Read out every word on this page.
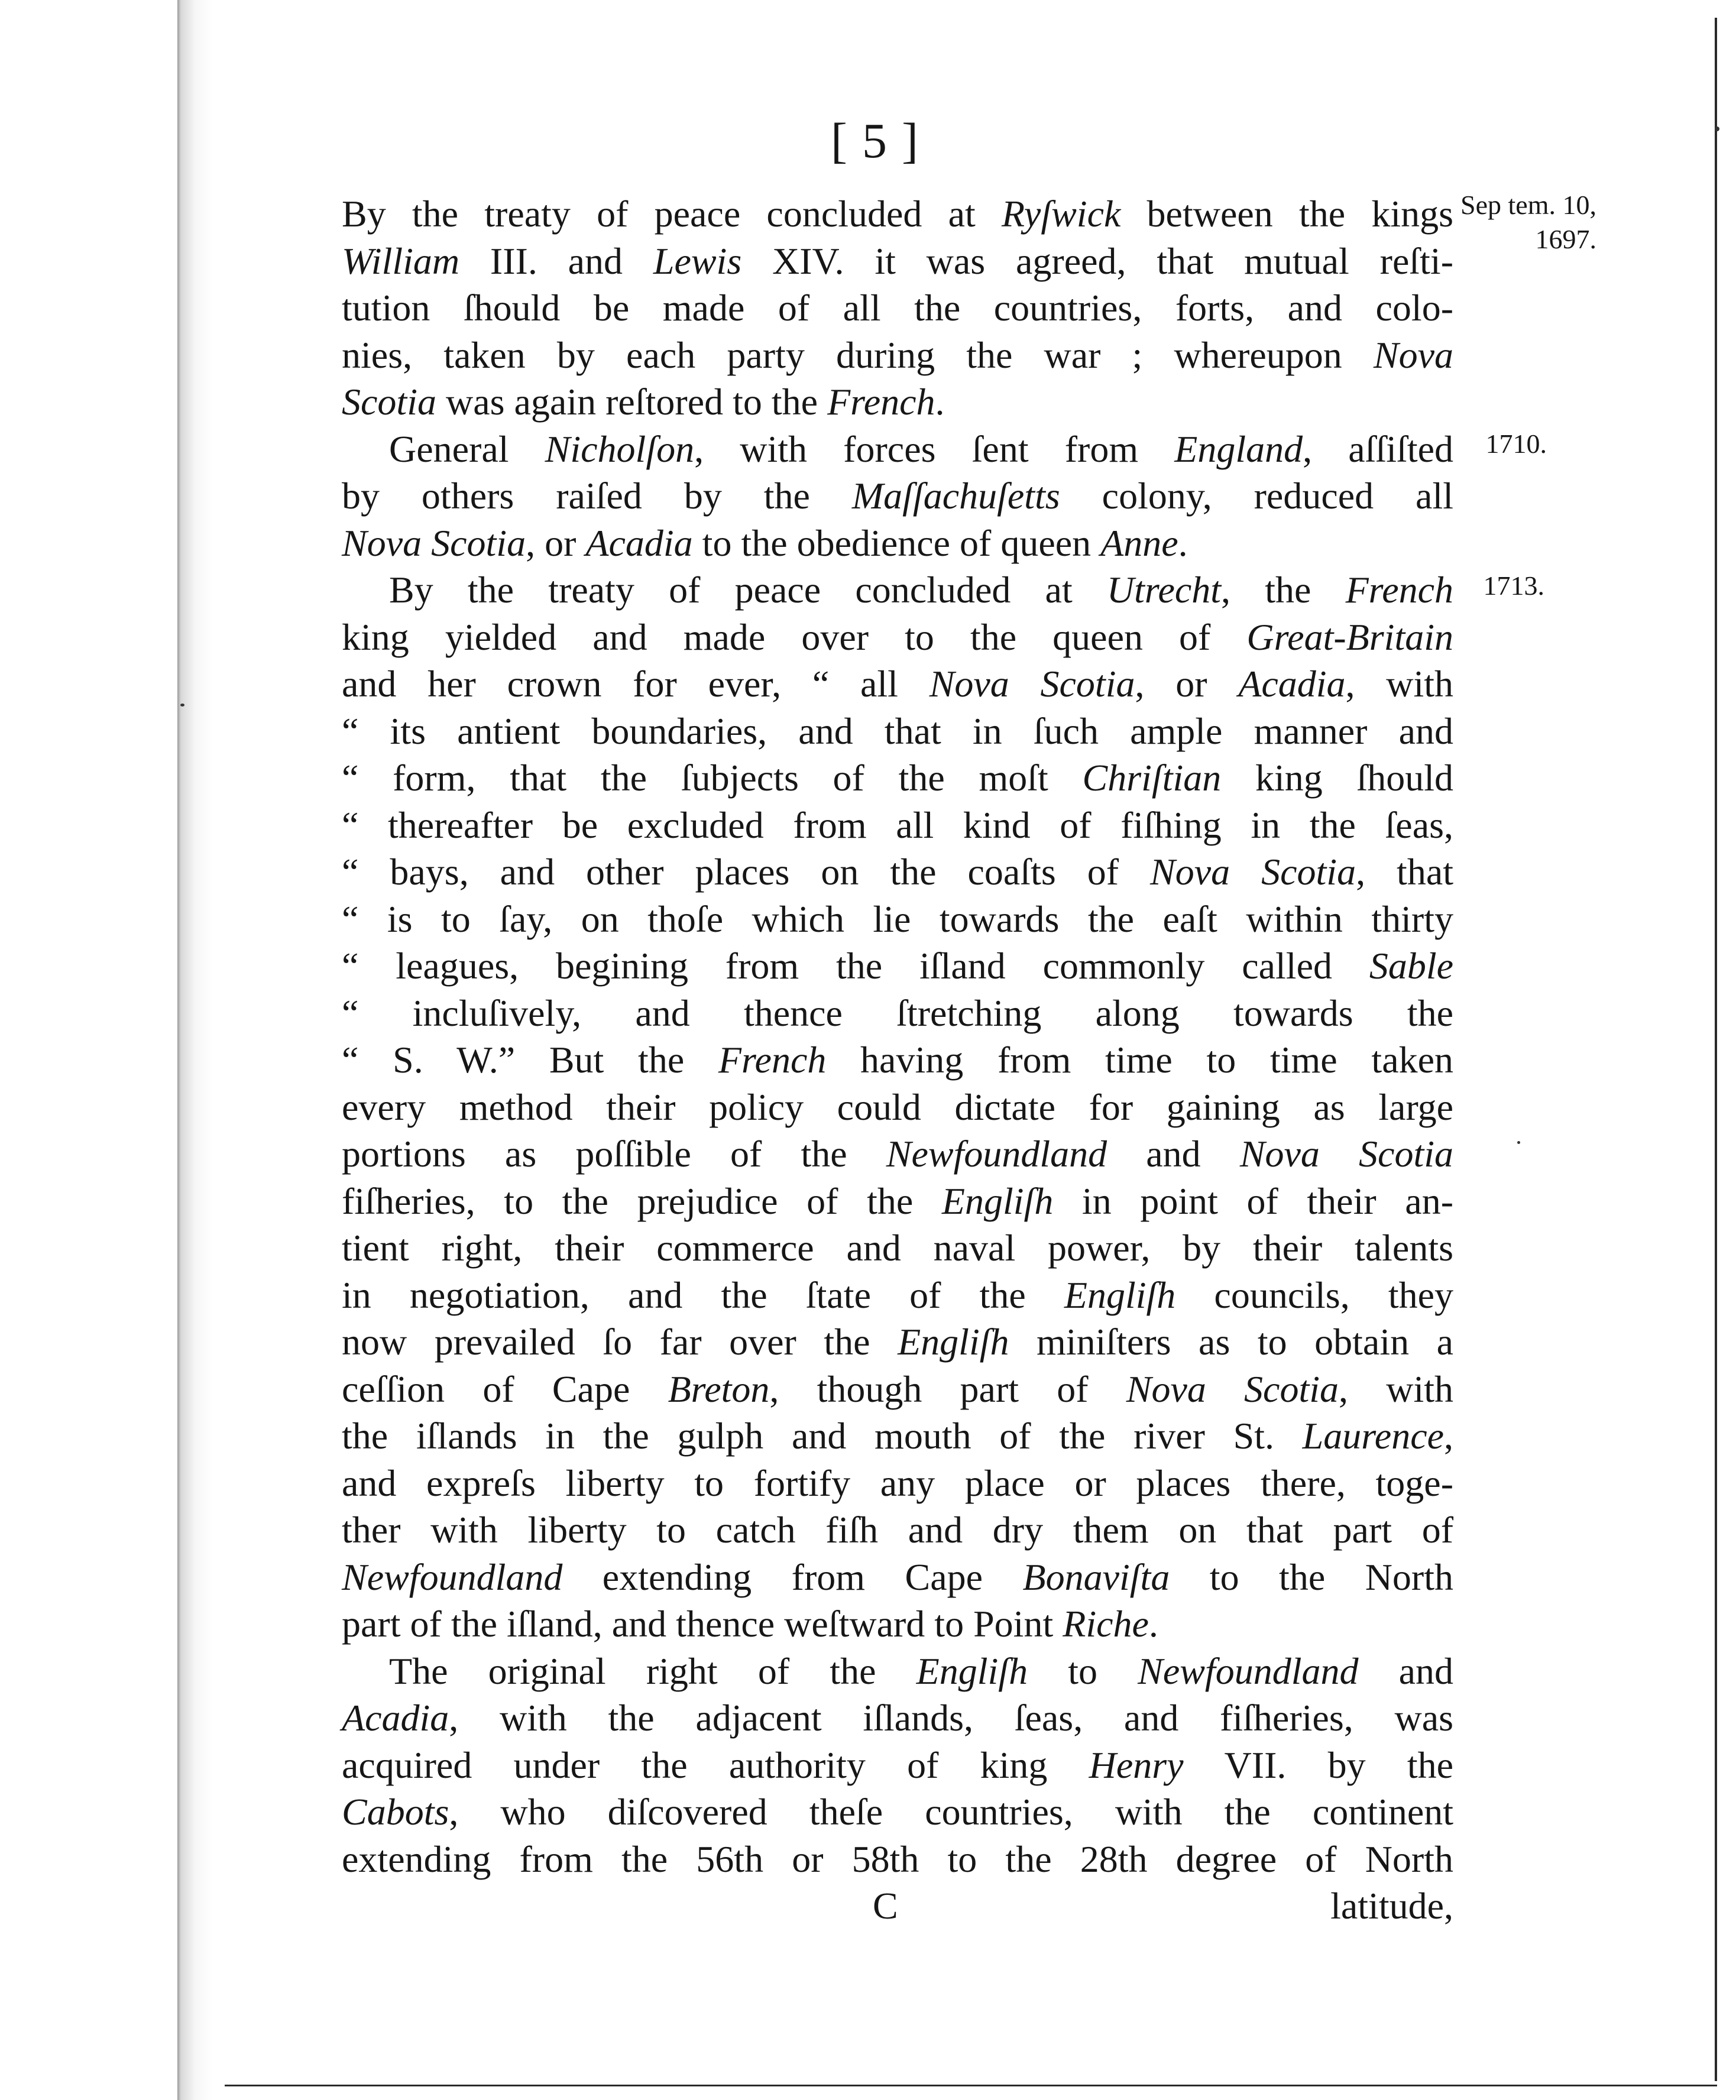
[ 5 ]
Sep tem. 10,
1697.
1710.
1713.
By the treaty of peace concluded at Ryſwick between the kings
William III. and Lewis XIV. it was agreed, that mutual reſti-
tution ſhould be made of all the countries, forts, and colo-
nies, taken by each party during the war ; whereupon Nova
Scotia was again reſtored to the French.
General Nicholſon, with forces ſent from England, aſſiſted
by others raiſed by the Maſſachuſetts colony, reduced all
Nova Scotia, or Acadia to the obedience of queen Anne.
By the treaty of peace concluded at Utrecht, the French
king yielded and made over to the queen of Great-Britain
and her crown for ever, “ all Nova Scotia, or Acadia, with
“ its antient boundaries, and that in ſuch ample manner and
“ form, that the ſubjects of the moſt Chriſtian king ſhould
“ thereafter be excluded from all kind of fiſhing in the ſeas,
“ bays, and other places on the coaſts of Nova Scotia, that
“ is to ſay, on thoſe which lie towards the eaſt within thirty
“ leagues, begining from the iſland commonly called Sable
“ incluſively, and thence ſtretching along towards the
“ S. W.” But the French having from time to time taken
every method their policy could dictate for gaining as large
portions as poſſible of the Newfoundland and Nova Scotia
fiſheries, to the prejudice of the Engliſh in point of their an-
tient right, their commerce and naval power, by their talents
in negotiation, and the ſtate of the Engliſh councils, they
now prevailed ſo far over the Engliſh miniſters as to obtain a
ceſſion of Cape Breton, though part of Nova Scotia, with
the iſlands in the gulph and mouth of the river St. Laurence,
and expreſs liberty to fortify any place or places there, toge-
ther with liberty to catch fiſh and dry them on that part of
Newfoundland extending from Cape Bonaviſta to the North
part of the iſland, and thence weſtward to Point Riche.
The original right of the Engliſh to Newfoundland and
Acadia, with the adjacent iſlands, ſeas, and fiſheries, was
acquired under the authority of king Henry VII. by the
Cabots, who diſcovered theſe countries, with the continent
extending from the 56th or 58th to the 28th degree of North
C	latitude,
